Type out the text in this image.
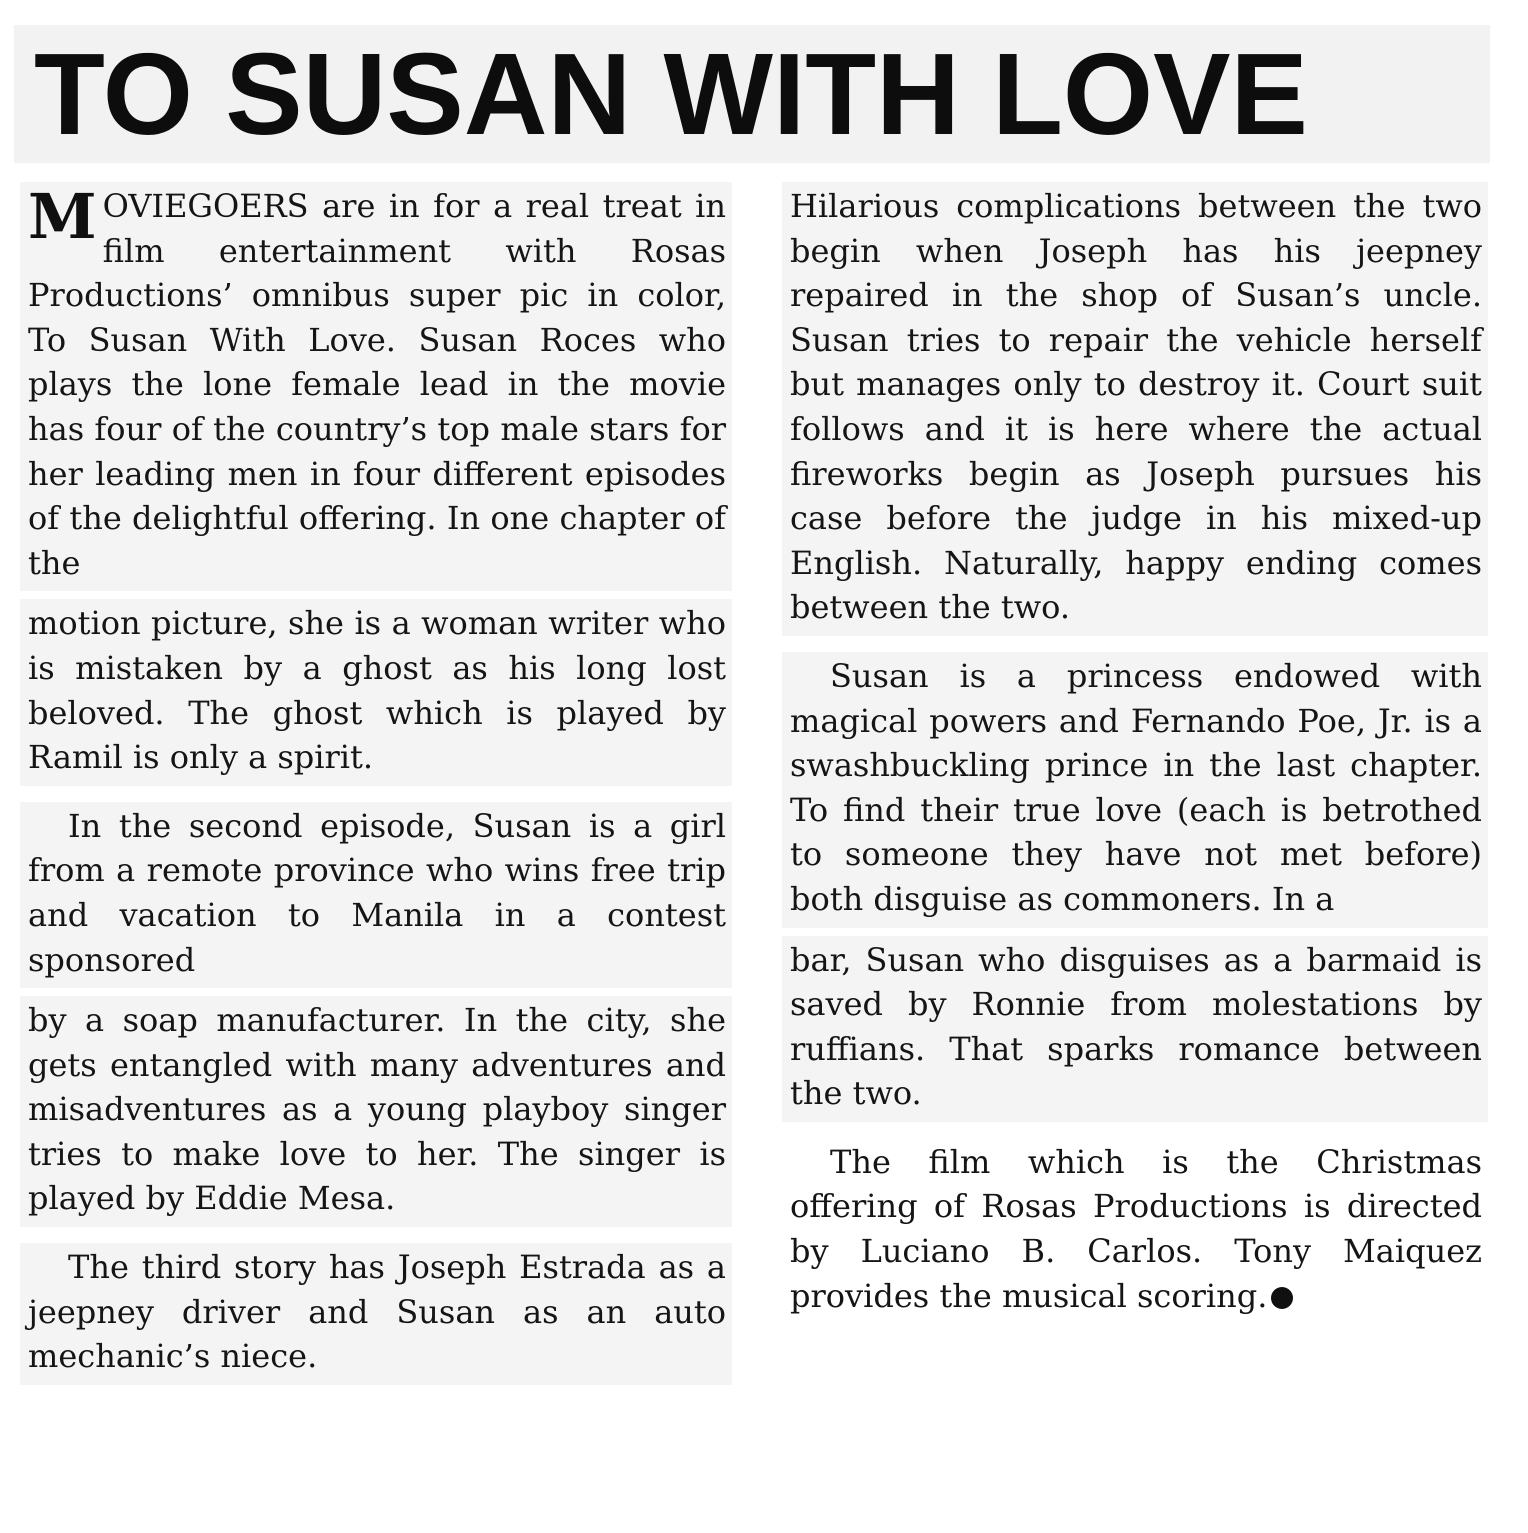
TO SUSAN WITH LOVE

MOVIEGOERS are in for a real treat in film entertainment with Rosas Productions’ omnibus super pic in color, To Susan With Love. Susan Roces who plays the lone female lead in the movie has four of the country’s top male stars for her leading men in four different episodes of the delightful offering. In one chapter of the

motion picture, she is a woman writer who is mistaken by a ghost as his long lost beloved. The ghost which is played by Ramil is only a spirit.

In the second episode, Susan is a girl from a remote province who wins free trip and vacation to Manila in a contest sponsored

by a soap manufacturer. In the city, she gets entangled with many adventures and misadventures as a young playboy singer tries to make love to her. The singer is played by Eddie Mesa.

The third story has Joseph Estrada as a jeepney driver and Susan as an auto mechanic’s niece.

Hilarious complications between the two begin when Joseph has his jeepney repaired in the shop of Susan’s uncle. Susan tries to repair the vehicle herself but manages only to destroy it. Court suit follows and it is here where the actual fireworks begin as Joseph pursues his case before the judge in his mixed-up English. Naturally, happy ending comes between the two.

Susan is a princess endowed with magical powers and Fernando Poe, Jr. is a swashbuckling prince in the last chapter. To find their true love (each is betrothed to someone they have not met before) both disguise as commoners. In a

bar, Susan who disguises as a barmaid is saved by Ronnie from molestations by ruffians. That sparks romance between the two.

The film which is the Christmas offering of Rosas Productions is directed by Luciano B. Carlos. Tony Maiquez provides the musical scoring.
